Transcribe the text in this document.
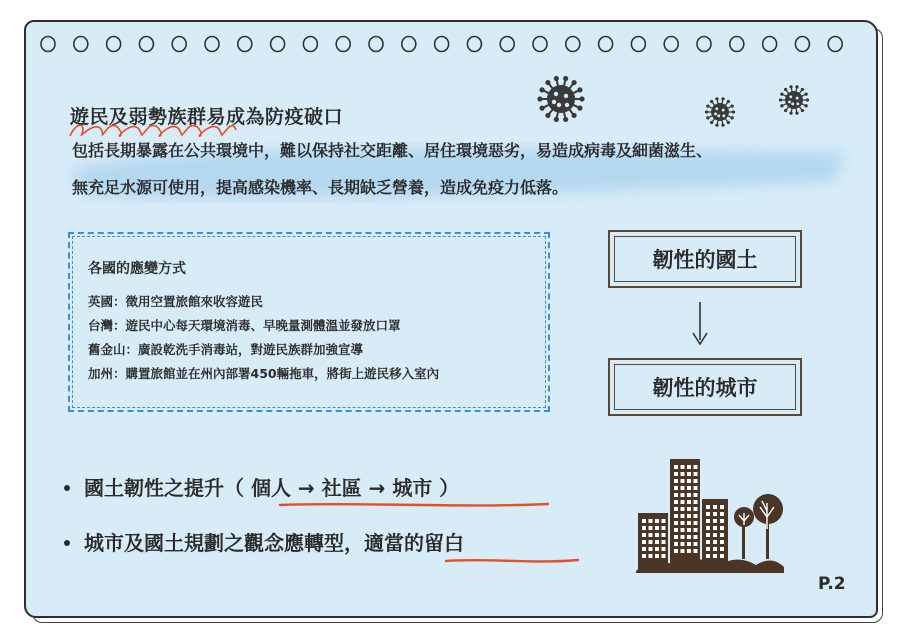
遊民及弱勢族群易成為防疫破口
包括長期暴露在公共環境中，難以保持社交距離、居住環境惡劣，易造成病毒及細菌滋生、
無充足水源可使用，提高感染機率、長期缺乏營養，造成免疫力低落。
各國的應變方式
英國：徵用空置旅館來收容遊民
台灣：遊民中心每天環境消毒、早晚量測體溫並發放口罩
舊金山：廣設乾洗手消毒站，對遊民族群加強宣導
加州：購置旅館並在州內部署450輛拖車，將街上遊民移入室內
韌性的國土
韌性的城市
國土韌性之提升（ 個人 → 社區 → 城市 ）
城市及國土規劃之觀念應轉型，適當的留白
P.2
